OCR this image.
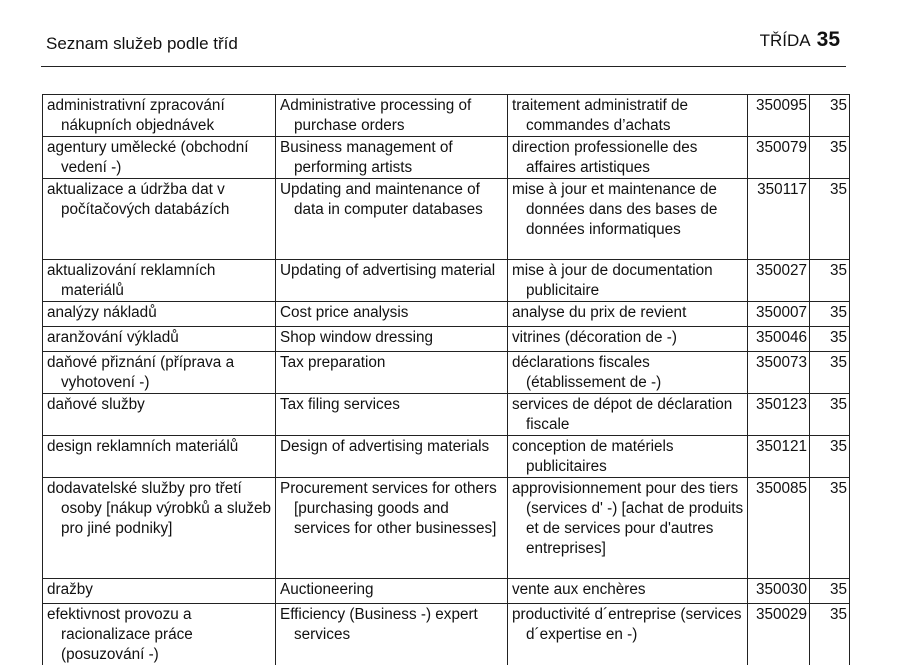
Seznam služeb podle tříd	TŘÍDA 35
administrativní zpracování nákupních objednávek	Administrative processing of purchase orders	traitement administratif de commandes d’achats	350095	35

agentury umělecké (obchodní vedení -)	Business management of performing artists	direction professionelle des affaires artistiques	350079	35

aktualizace a údržba dat v počítačových databázích	Updating and maintenance of data in computer databases	mise à jour et maintenance de données dans des bases de données informatiques	350117	35

aktualizování reklamních materiálů	Updating of advertising material	mise à jour de documentation publicitaire	350027	35

analýzy nákladů	Cost price analysis	analyse du prix de revient	350007	35

aranžování výkladů	Shop window dressing	vitrines (décoration de -)	350046	35

daňové přiznání (příprava a vyhotovení -)	Tax preparation	déclarations fiscales (établissement de -)	350073	35

daňové služby	Tax filing services	services de dépot de déclaration fiscale	350123	35

design reklamních materiálů	Design of advertising materials	conception de matériels publicitaires	350121	35

dodavatelské služby pro třetí osoby [nákup výrobků a služeb pro jiné podniky]	Procurement services for others [purchasing goods and services for other businesses]	approvisionnement pour des tiers (services d' -) [achat de produits et de services pour d'autres entreprises]	350085	35

dražby	Auctioneering	vente aux enchères	350030	35

efektivnost provozu a racionalizace práce (posuzování -)	Efficiency (Business -) expert services	productivité d´entreprise (services d´expertise en -)	350029	35
